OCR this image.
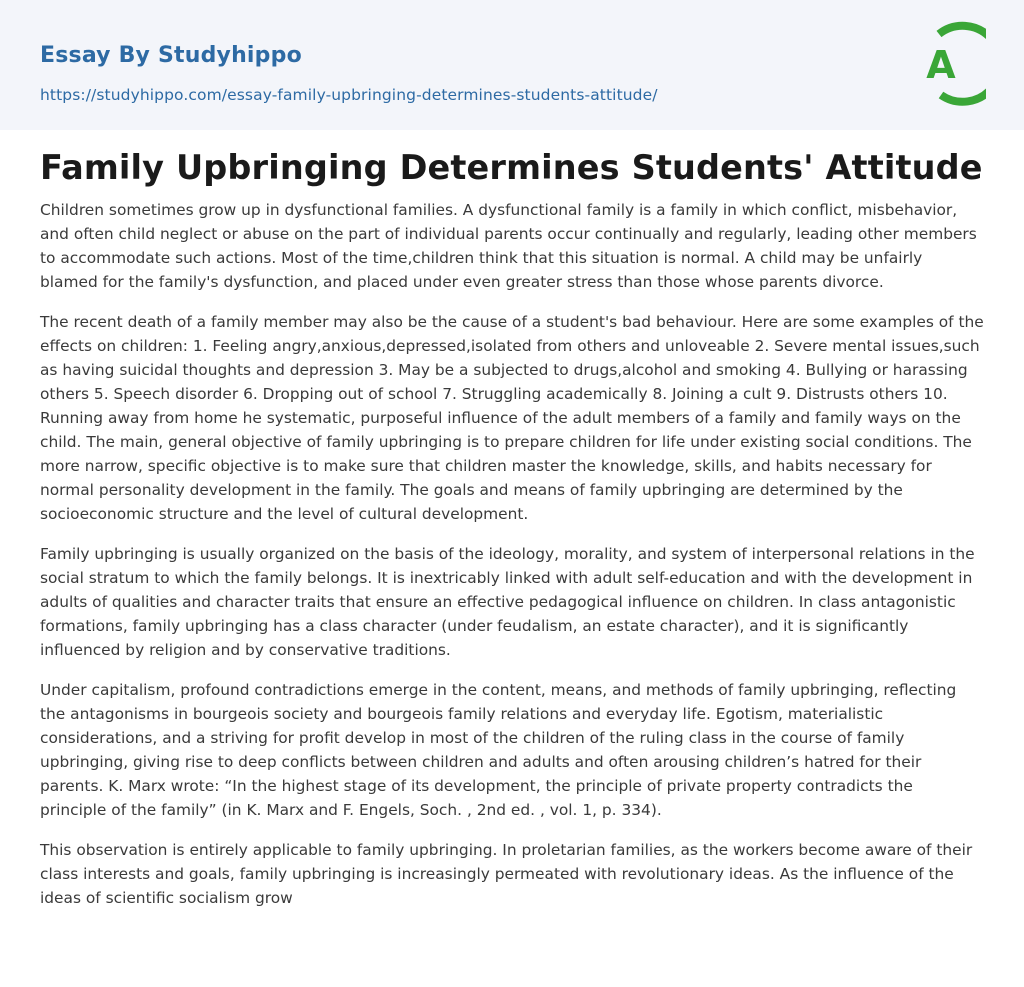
Essay By Studyhippo
https://studyhippo.com/essay-family-upbringing-determines-students-attitude/
A
Family Upbringing Determines Students' Attitude

Children sometimes grow up in dysfunctional families. A dysfunctional family is a family in which conflict, misbehavior, and often child neglect or abuse on the part of individual parents occur continually and regularly, leading other members to accommodate such actions. Most of the time,children think that this situation is normal. A child may be unfairly blamed for the family's dysfunction, and placed under even greater stress than those whose parents divorce.

The recent death of a family member may also be the cause of a student's bad behaviour. Here are some examples of the effects on children: 1. Feeling angry,anxious,depressed,isolated from others and unloveable 2. Severe mental issues,such as having suicidal thoughts and depression 3. May be a subjected to drugs,alcohol and smoking 4. Bullying or harassing others 5. Speech disorder 6. Dropping out of school 7. Struggling academically 8. Joining a cult 9. Distrusts others 10. Running away from home he systematic, purposeful influence of the adult members of a family and family ways on the child. The main, general objective of family upbringing is to prepare children for life under existing social conditions. The more narrow, specific objective is to make sure that children master the knowledge, skills, and habits necessary for normal personality development in the family. The goals and means of family upbringing are determined by the socioeconomic structure and the level of cultural development.

Family upbringing is usually organized on the basis of the ideology, morality, and system of interpersonal relations in the social stratum to which the family belongs. It is inextricably linked with adult self-education and with the development in adults of qualities and character traits that ensure an effective pedagogical influence on children. In class antagonistic formations, family upbringing has a class character (under feudalism, an estate character), and it is significantly influenced by religion and by conservative traditions.

Under capitalism, profound contradictions emerge in the content, means, and methods of family upbringing, reflecting the antagonisms in bourgeois society and bourgeois family relations and everyday life. Egotism, materialistic considerations, and a striving for profit develop in most of the children of the ruling class in the course of family upbringing, giving rise to deep conflicts between children and adults and often arousing children’s hatred for their parents. K. Marx wrote: “In the highest stage of its development, the principle of private property contradicts the principle of the family” (in K. Marx and F. Engels, Soch. , 2nd ed. , vol. 1, p. 334).

This observation is entirely applicable to family upbringing. In proletarian families, as the workers become aware of their class interests and goals, family upbringing is increasingly permeated with revolutionary ideas. As the influence of the ideas of scientific socialism grow
